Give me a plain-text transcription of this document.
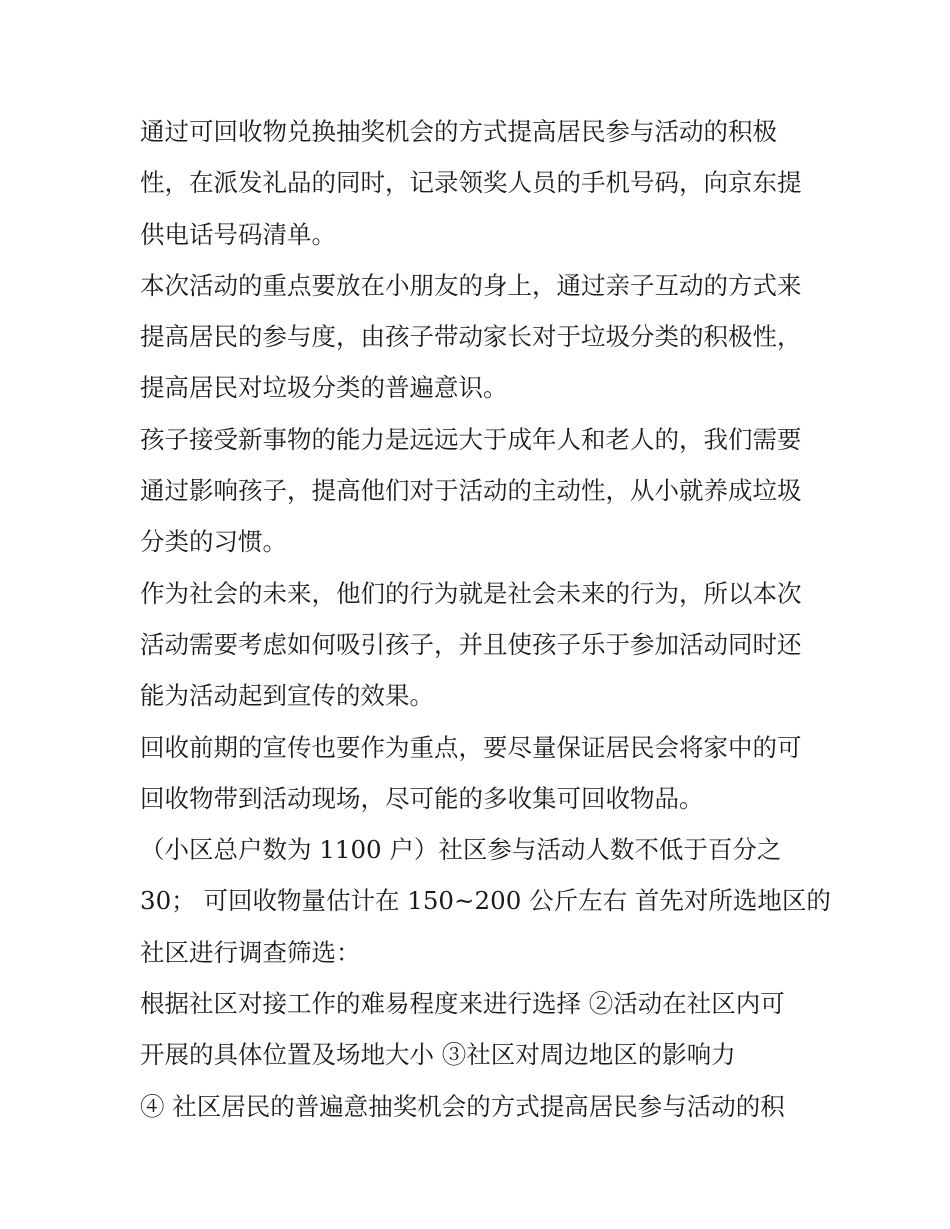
通过可回收物兑换抽奖机会的方式提高居民参与活动的积极
性，在派发礼品的同时，记录领奖人员的手机号码，向京东提
供电话号码清单。
本次活动的重点要放在小朋友的身上，通过亲子互动的方式来
提高居民的参与度，由孩子带动家长对于垃圾分类的积极性，
提高居民对垃圾分类的普遍意识。
孩子接受新事物的能力是远远大于成年人和老人的，我们需要
通过影响孩子，提高他们对于活动的主动性，从小就养成垃圾
分类的习惯。
作为社会的未来，他们的行为就是社会未来的行为，所以本次
活动需要考虑如何吸引孩子，并且使孩子乐于参加活动同时还
能为活动起到宣传的效果。
回收前期的宣传也要作为重点，要尽量保证居民会将家中的可
回收物带到活动现场，尽可能的多收集可回收物品。
（小区总户数为 1100 户）社区参与活动人数不低于百分之
30； 可回收物量估计在 150~200 公斤左右 首先对所选地区的
社区进行调查筛选：
根据社区对接工作的难易程度来进行选择 ②活动在社区内可
开展的具体位置及场地大小 ③社区对周边地区的影响力
④ 社区居民的普遍意抽奖机会的方式提高居民参与活动的积
